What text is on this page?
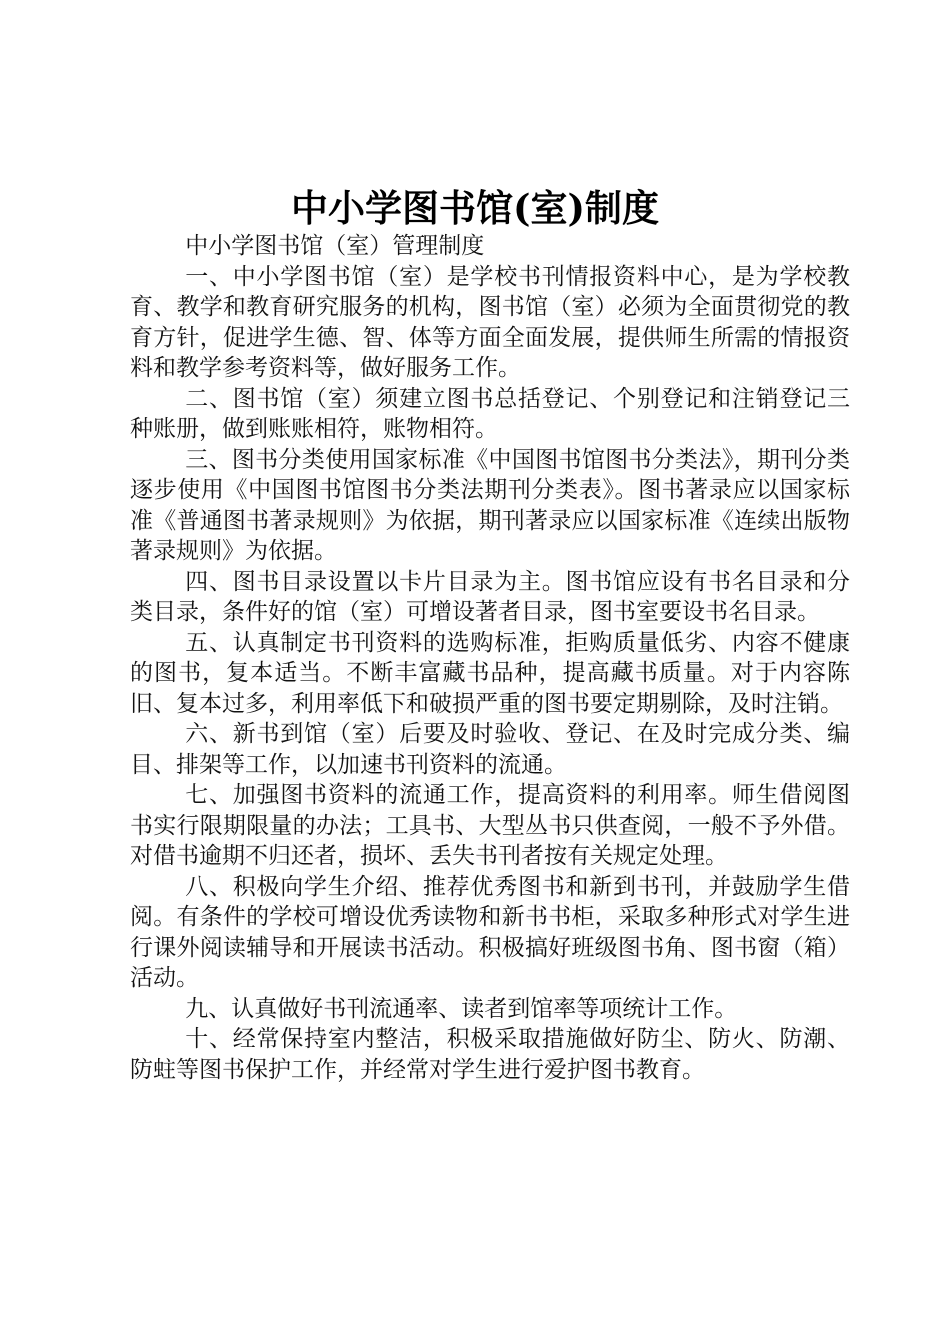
中小学图书馆(室)制度

中小学图书馆（室）管理制度

一、中小学图书馆（室）是学校书刊情报资料中心，是为学校教育、教学和教育研究服务的机构，图书馆（室）必须为全面贯彻党的教育方针，促进学生德、智、体等方面全面发展，提供师生所需的情报资料和教学参考资料等，做好服务工作。

二、图书馆（室）须建立图书总括登记、个别登记和注销登记三种账册，做到账账相符，账物相符。

三、图书分类使用国家标准《中国图书馆图书分类法》，期刊分类逐步使用《中国图书馆图书分类法期刊分类表》。图书著录应以国家标准《普通图书著录规则》为依据，期刊著录应以国家标准《连续出版物著录规则》为依据。

四、图书目录设置以卡片目录为主。图书馆应设有书名目录和分类目录，条件好的馆（室）可增设著者目录，图书室要设书名目录。

五、认真制定书刊资料的选购标准，拒购质量低劣、内容不健康的图书，复本适当。不断丰富藏书品种，提高藏书质量。对于内容陈旧、复本过多，利用率低下和破损严重的图书要定期剔除，及时注销。

六、新书到馆（室）后要及时验收、登记、在及时完成分类、编目、排架等工作，以加速书刊资料的流通。

七、加强图书资料的流通工作，提高资料的利用率。师生借阅图书实行限期限量的办法；工具书、大型丛书只供查阅，一般不予外借。对借书逾期不归还者，损坏、丢失书刊者按有关规定处理。

八、积极向学生介绍、推荐优秀图书和新到书刊，并鼓励学生借阅。有条件的学校可增设优秀读物和新书书柜，采取多种形式对学生进行课外阅读辅导和开展读书活动。积极搞好班级图书角、图书窗（箱）活动。

九、认真做好书刊流通率、读者到馆率等项统计工作。

十、经常保持室内整洁，积极采取措施做好防尘、防火、防潮、防蛀等图书保护工作，并经常对学生进行爱护图书教育。
